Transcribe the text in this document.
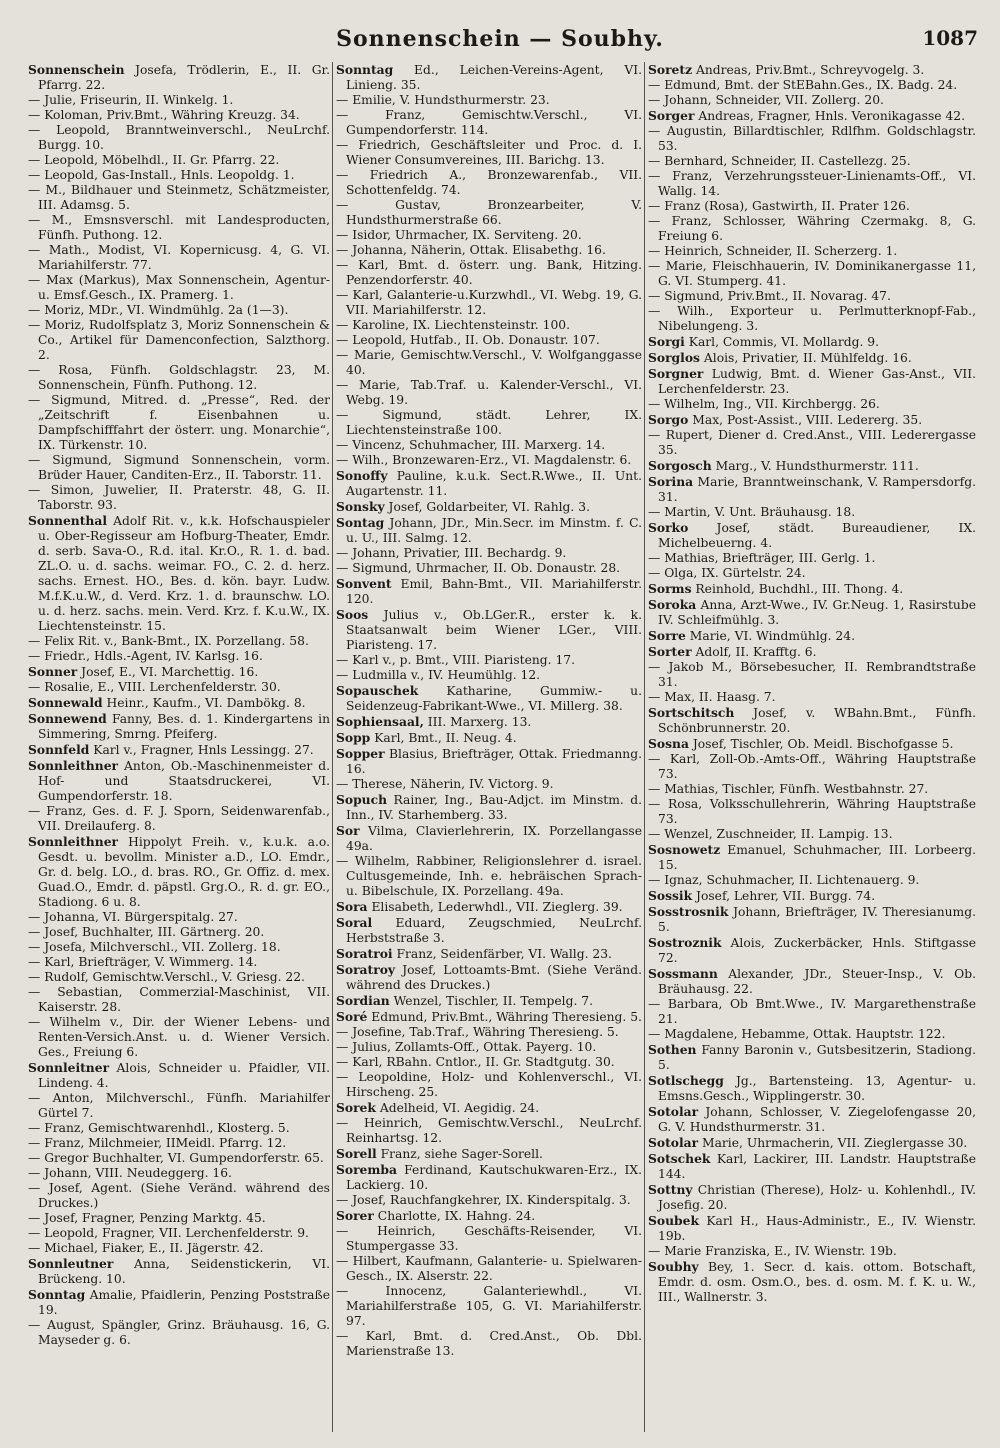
Sonnenschein — Soubhy.	1087

Sonnenschein Josefa, Trödlerin, E., II. Gr. Pfarrg. 22.

— Julie, Friseurin, II. Winkelg. 1.

— Koloman, Priv.Bmt., Währing Kreuzg. 34.

— Leopold, Branntweinverschl., NeuLrchf. Burgg. 10.

— Leopold, Möbelhdl., II. Gr. Pfarrg. 22.

— Leopold, Gas-Install., Hnls. Leopoldg. 1.

— M., Bildhauer und Steinmetz, Schätzmeister, III. Adamsg. 5.

— M., Emsnsverschl. mit Landesproducten, Fünfh. Puthong. 12.

— Math., Modist, VI. Kopernicusg. 4, G. VI. Mariahilferstr. 77.

— Max (Markus), Max Sonnenschein, Agentur- u. Emsf.Gesch., IX. Pramerg. 1.

— Moriz, MDr., VI. Windmühlg. 2a (1—3).

— Moriz, Rudolfsplatz 3, Moriz Sonnenschein & Co., Artikel für Damenconfection, Salzthorg. 2.

— Rosa, Fünfh. Goldschlagstr. 23, M. Sonnenschein, Fünfh. Puthong. 12.

— Sigmund, Mitred. d. „Presse“, Red. der „Zeitschrift f. Eisenbahnen u. Dampfschifffahrt der österr. ung. Monarchie“, IX. Türkenstr. 10.

— Sigmund, Sigmund Sonnenschein, vorm. Brüder Hauer, Canditen-Erz., II. Taborstr. 11.

— Simon, Juwelier, II. Praterstr. 48, G. II. Taborstr. 93.

Sonnenthal Adolf Rit. v., k.k. Hofschauspieler u. Ober-Regisseur am Hofburg-Theater, Emdr. d. serb. Sava-O., R.d. ital. Kr.O., R. 1. d. bad. ZL.O. u. d. sachs. weimar. FO., C. 2. d. herz. sachs. Ernest. HO., Bes. d. kön. bayr. Ludw. M.f.K.u.W., d. Verd. Krz. 1. d. braunschw. LO. u. d. herz. sachs. mein. Verd. Krz. f. K.u.W., IX. Liechtensteinstr. 15.

— Felix Rit. v., Bank-Bmt., IX. Porzellang. 58.

— Friedr., Hdls.-Agent, IV. Karlsg. 16.

Sonner Josef, E., VI. Marchettig. 16.

— Rosalie, E., VIII. Lerchenfelderstr. 30.

Sonnewald Heinr., Kaufm., VI. Dambökg. 8.

Sonnewend Fanny, Bes. d. 1. Kindergartens in Simmering, Smrng. Pfeiferg.

Sonnfeld Karl v., Fragner, Hnls Lessingg. 27.

Sonnleithner Anton, Ob.-Maschinenmeister d. Hof- und Staatsdruckerei, VI. Gumpendorferstr. 18.

— Franz, Ges. d. F. J. Sporn, Seidenwarenfab., VII. Dreilauferg. 8.

Sonnleithner Hippolyt Freih. v., k.u.k. a.o. Gesdt. u. bevollm. Minister a.D., LO. Emdr., Gr. d. belg. LO., d. bras. RO., Gr. Offiz. d. mex. Guad.O., Emdr. d. päpstl. Grg.O., R. d. gr. EO., Stadiong. 6 u. 8.

— Johanna, VI. Bürgerspitalg. 27.

— Josef, Buchhalter, III. Gärtnerg. 20.

— Josefa, Milchverschl., VII. Zollerg. 18.

— Karl, Briefträger, V. Wimmerg. 14.

— Rudolf, Gemischtw.Verschl., V. Griesg. 22.

— Sebastian, Commerzial-Maschinist, VII. Kaiserstr. 28.

— Wilhelm v., Dir. der Wiener Lebens- und Renten-Versich.Anst. u. d. Wiener Versich. Ges., Freiung 6.

Sonnleitner Alois, Schneider u. Pfaidler, VII. Lindeng. 4.

— Anton, Milchverschl., Fünfh. Mariahilfer Gürtel 7.

— Franz, Gemischtwarenhdl., Klosterg. 5.

— Franz, Milchmeier, IIMeidl. Pfarrg. 12.

— Gregor Buchhalter, VI. Gumpendorferstr. 65.

— Johann, VIII. Neudeggerg. 16.

— Josef, Agent. (Siehe Veränd. während des Druckes.)

— Josef, Fragner, Penzing Marktg. 45.

— Leopold, Fragner, VII. Lerchenfelderstr. 9.

— Michael, Fiaker, E., II. Jägerstr. 42.

Sonnleutner Anna, Seidenstickerin, VI. Brückeng. 10.

Sonntag Amalie, Pfaidlerin, Penzing Poststraße 19.

— August, Spängler, Grinz. Bräuhausg. 16, G. Mayseder g. 6.

Sonntag Ed., Leichen-Vereins-Agent, VI. Linieng. 35.

— Emilie, V. Hundsthurmerstr. 23.

— Franz, Gemischtw.Verschl., VI. Gumpendorferstr. 114.

— Friedrich, Geschäftsleiter und Proc. d. I. Wiener Consumvereines, III. Barichg. 13.

— Friedrich A., Bronzewarenfab., VII. Schottenfeldg. 74.

— Gustav, Bronzearbeiter, V. Hundsthurmerstraße 66.

— Isidor, Uhrmacher, IX. Serviteng. 20.

— Johanna, Näherin, Ottak. Elisabethg. 16.

— Karl, Bmt. d. österr. ung. Bank, Hitzing. Penzendorferstr. 40.

— Karl, Galanterie-u.Kurzwhdl., VI. Webg. 19, G. VII. Mariahilferstr. 12.

— Karoline, IX. Liechtensteinstr. 100.

— Leopold, Hutfab., II. Ob. Donaustr. 107.

— Marie, Gemischtw.Verschl., V. Wolfganggasse 40.

— Marie, Tab.Traf. u. Kalender-Verschl., VI. Webg. 19.

— Sigmund, städt. Lehrer, IX. Liechtensteinstraße 100.

— Vincenz, Schuhmacher, III. Marxerg. 14.

— Wilh., Bronzewaren-Erz., VI. Magdalenstr. 6.

Sonoffy Pauline, k.u.k. Sect.R.Wwe., II. Unt. Augartenstr. 11.

Sonsky Josef, Goldarbeiter, VI. Rahlg. 3.

Sontag Johann, JDr., Min.Secr. im Minstm. f. C. u. U., III. Salmg. 12.

— Johann, Privatier, III. Bechardg. 9.

— Sigmund, Uhrmacher, II. Ob. Donaustr. 28.

Sonvent Emil, Bahn-Bmt., VII. Mariahilferstr. 120.

Soos Julius v., Ob.LGer.R., erster k. k. Staatsanwalt beim Wiener LGer., VIII. Piaristeng. 17.

— Karl v., p. Bmt., VIII. Piaristeng. 17.

— Ludmilla v., IV. Heumühlg. 12.

Sopauschek Katharine, Gummiw.- u. Seidenzeug-Fabrikant-Wwe., VI. Millerg. 38.

Sophiensaal, III. Marxerg. 13.

Sopp Karl, Bmt., II. Neug. 4.

Sopper Blasius, Briefträger, Ottak. Friedmanng. 16.

— Therese, Näherin, IV. Victorg. 9.

Sopuch Rainer, Ing., Bau-Adjct. im Minstm. d. Inn., IV. Starhemberg. 33.

Sor Vilma, Clavierlehrerin, IX. Porzellangasse 49a.

— Wilhelm, Rabbiner, Religionslehrer d. israel. Cultusgemeinde, Inh. e. hebräischen Sprach- u. Bibelschule, IX. Porzellang. 49a.

Sora Elisabeth, Lederwhdl., VII. Zieglerg. 39.

Soral Eduard, Zeugschmied, NeuLrchf. Herbststraße 3.

Soratroi Franz, Seidenfärber, VI. Wallg. 23.

Soratroy Josef, Lottoamts-Bmt. (Siehe Veränd. während des Druckes.)

Sordian Wenzel, Tischler, II. Tempelg. 7.

Soré Edmund, Priv.Bmt., Währing Theresieng. 5.

— Josefine, Tab.Traf., Währing Theresieng. 5.

— Julius, Zollamts-Off., Ottak. Payerg. 10.

— Karl, RBahn. Cntlor., II. Gr. Stadtgutg. 30.

— Leopoldine, Holz- und Kohlenverschl., VI. Hirscheng. 25.

Sorek Adelheid, VI. Aegidig. 24.

— Heinrich, Gemischtw.Verschl., NeuLrchf. Reinhartsg. 12.

Sorell Franz, siehe Sager-Sorell.

Soremba Ferdinand, Kautschukwaren-Erz., IX. Lackierg. 10.

— Josef, Rauchfangkehrer, IX. Kinderspitalg. 3.

Sorer Charlotte, IX. Hahng. 24.

— Heinrich, Geschäfts-Reisender, VI. Stumpergasse 33.

— Hilbert, Kaufmann, Galanterie- u. Spielwaren-Gesch., IX. Alserstr. 22.

— Innocenz, Galanteriewhdl., VI. Mariahilferstraße 105, G. VI. Mariahilferstr. 97.

— Karl, Bmt. d. Cred.Anst., Ob. Dbl. Marienstraße 13.

Soretz Andreas, Priv.Bmt., Schreyvogelg. 3.

— Edmund, Bmt. der StEBahn.Ges., IX. Badg. 24.

— Johann, Schneider, VII. Zollerg. 20.

Sorger Andreas, Fragner, Hnls. Veronikagasse 42.

— Augustin, Billardtischler, Rdlfhm. Goldschlagstr. 53.

— Bernhard, Schneider, II. Castellezg. 25.

— Franz, Verzehrungssteuer-Linienamts-Off., VI. Wallg. 14.

— Franz (Rosa), Gastwirth, II. Prater 126.

— Franz, Schlosser, Währing Czermakg. 8, G. Freiung 6.

— Heinrich, Schneider, II. Scherzerg. 1.

— Marie, Fleischhauerin, IV. Dominikanergasse 11, G. VI. Stumperg. 41.

— Sigmund, Priv.Bmt., II. Novarag. 47.

— Wilh., Exporteur u. Perlmutterknopf-Fab., Nibelungeng. 3.

Sorgi Karl, Commis, VI. Mollardg. 9.

Sorglos Alois, Privatier, II. Mühlfeldg. 16.

Sorgner Ludwig, Bmt. d. Wiener Gas-Anst., VII. Lerchenfelderstr. 23.

— Wilhelm, Ing., VII. Kirchbergg. 26.

Sorgo Max, Post-Assist., VIII. Ledererg. 35.

— Rupert, Diener d. Cred.Anst., VIII. Lederergasse 35.

Sorgosch Marg., V. Hundsthurmerstr. 111.

Sorina Marie, Branntweinschank, V. Rampersdorfg. 31.

— Martin, V. Unt. Bräuhausg. 18.

Sorko Josef, städt. Bureaudiener, IX. Michelbeuerng. 4.

— Mathias, Briefträger, III. Gerlg. 1.

— Olga, IX. Gürtelstr. 24.

Sorms Reinhold, Buchdhl., III. Thong. 4.

Soroka Anna, Arzt-Wwe., IV. Gr.Neug. 1, Rasirstube IV. Schleifmühlg. 3.

Sorre Marie, VI. Windmühlg. 24.

Sorter Adolf, II. Krafftg. 6.

— Jakob M., Börsebesucher, II. Rembrandtstraße 31.

— Max, II. Haasg. 7.

Sortschitsch Josef, v. WBahn.Bmt., Fünfh. Schönbrunnerstr. 20.

Sosna Josef, Tischler, Ob. Meidl. Bischofgasse 5.

— Karl, Zoll-Ob.-Amts-Off., Währing Hauptstraße 73.

— Mathias, Tischler, Fünfh. Westbahnstr. 27.

— Rosa, Volksschullehrerin, Währing Hauptstraße 73.

— Wenzel, Zuschneider, II. Lampig. 13.

Sosnowetz Emanuel, Schuhmacher, III. Lorbeerg. 15.

— Ignaz, Schuhmacher, II. Lichtenauerg. 9.

Sossik Josef, Lehrer, VII. Burgg. 74.

Sosstrosnik Johann, Briefträger, IV. Theresianumg. 5.

Sostroznik Alois, Zuckerbäcker, Hnls. Stiftgasse 72.

Sossmann Alexander, JDr., Steuer-Insp., V. Ob. Bräuhausg. 22.

— Barbara, Ob Bmt.Wwe., IV. Margarethenstraße 21.

— Magdalene, Hebamme, Ottak. Hauptstr. 122.

Sothen Fanny Baronin v., Gutsbesitzerin, Stadiong. 5.

Sotlschegg Jg., Bartensteing. 13, Agentur- u. Emsns.Gesch., Wipplingerstr. 30.

Sotolar Johann, Schlosser, V. Ziegelofengasse 20, G. V. Hundsthurmerstr. 31.

Sotolar Marie, Uhrmacherin, VII. Zieglergasse 30.

Sotschek Karl, Lackirer, III. Landstr. Hauptstraße 144.

Sottny Christian (Therese), Holz- u. Kohlenhdl., IV. Josefig. 20.

Soubek Karl H., Haus-Administr., E., IV. Wienstr. 19b.

— Marie Franziska, E., IV. Wienstr. 19b.

Soubhy Bey, 1. Secr. d. kais. ottom. Botschaft, Emdr. d. osm. Osm.O., bes. d. osm. M. f. K. u. W., III., Wallnerstr. 3.
